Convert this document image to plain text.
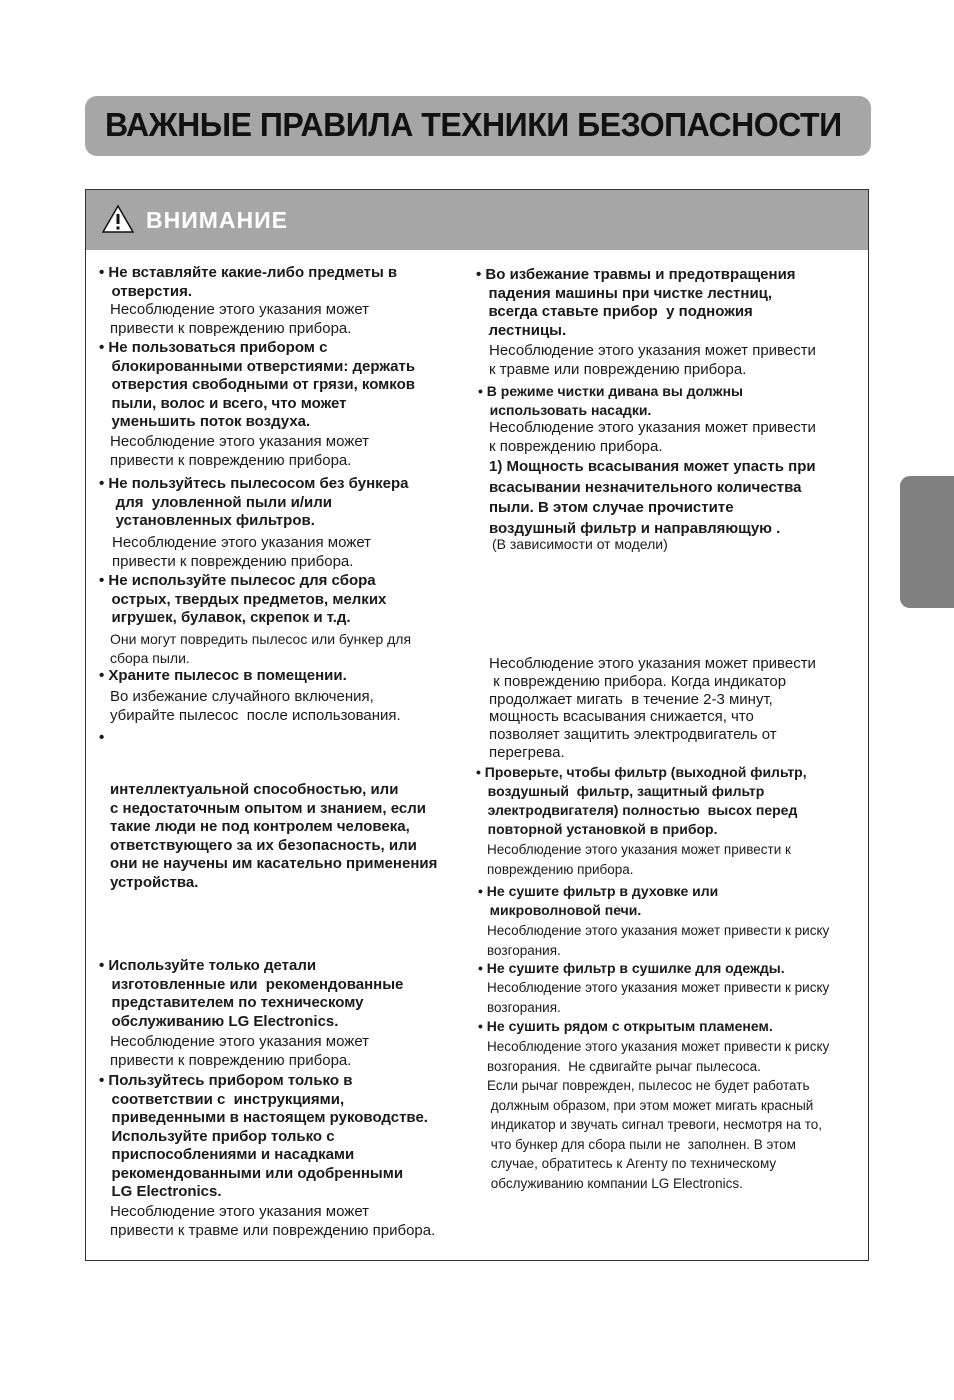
ВАЖНЫЕ ПРАВИЛА ТЕХНИКИ БЕЗОПАСНОСТИ
ВНИМАНИЕ

• Не вставляйте какие-либо предметы в
отверстия.

Несоблюдение этого указания может
привести к повреждению прибора.

• Не пользоваться прибором с
блокированными отверстиями: держать
отверстия свободными от грязи, комков
пыли, волос и всего, что может
уменьшить поток воздуха.

Несоблюдение этого указания может
привести к повреждению прибора.

• Не пользуйтесь пылесосом без бункера
для  уловленной пыли и/или
установленных фильтров.

Несоблюдение этого указания может
привести к повреждению прибора.

• Не используйте пылесос для сбора
острых, твердых предметов, мелких
игрушек, булавок, скрепок и т.д.

Они могут повредить пылесос или бункер для
сбора пыли.

• Храните пылесос в помещении.

Во избежание случайного включения,
убирайте пылесос  после использования.

•

интеллектуальной способностью, или
с недостаточным опытом и знанием, если
такие люди не под контролем человека,
ответствующего за их безопасность, или
они не научены им касательно применения
устройства.

• Используйте только детали
изготовленные или  рекомендованные
представителем по техническому
обслуживанию LG Electronics.

Несоблюдение этого указания может
привести к повреждению прибора.

• Пользуйтесь прибором только в
соответствии с  инструкциями,
приведенными в настоящем руководстве.
Используйте прибор только с
приспособлениями и насадками
рекомендованными или одобренными
LG Electronics.

Несоблюдение этого указания может
привести к травме или повреждению прибора.

• Во избежание травмы и предотвращения
падения машины при чистке лестниц,
всегда ставьте прибор  у подножия
лестницы.

Несоблюдение этого указания может привести
к травме или повреждению прибора.

• В режиме чистки дивана вы должны
использовать насадки.

Несоблюдение этого указания может привести
к повреждению прибора.

1) Мощность всасывания может упасть при
всасывании незначительного количества
пыли. В этом случае прочистите
воздушный фильтр и направляющую .

(В зависимости от модели)

Несоблюдение этого указания может привести
к повреждению прибора. Когда индикатор
продолжает мигать  в течение 2-3 минут,
мощность всасывания снижается, что
позволяет защитить электродвигатель от
перегрева.

• Проверьте, чтобы фильтр (выходной фильтр,
воздушный  фильтр, защитный фильтр
электродвигателя) полностью  высох перед
повторной установкой в прибор.

Несоблюдение этого указания может привести к
повреждению прибора.

• Не сушите фильтр в духовке или
микроволновой печи.

Несоблюдение этого указания может привести к риску
возгорания.

• Не сушите фильтр в сушилке для одежды.

Несоблюдение этого указания может привести к риску
возгорания.

• Не сушить рядом с открытым пламенем.

Несоблюдение этого указания может привести к риску
возгорания.  Не сдвигайте рычаг пылесоса.
Если рычаг поврежден, пылесос не будет работать
должным образом, при этом может мигать красный
индикатор и звучать сигнал тревоги, несмотря на то,
что бункер для сбора пыли не  заполнен. В этом
случае, обратитесь к Агенту по техническому
обслуживанию компании LG Electronics.
